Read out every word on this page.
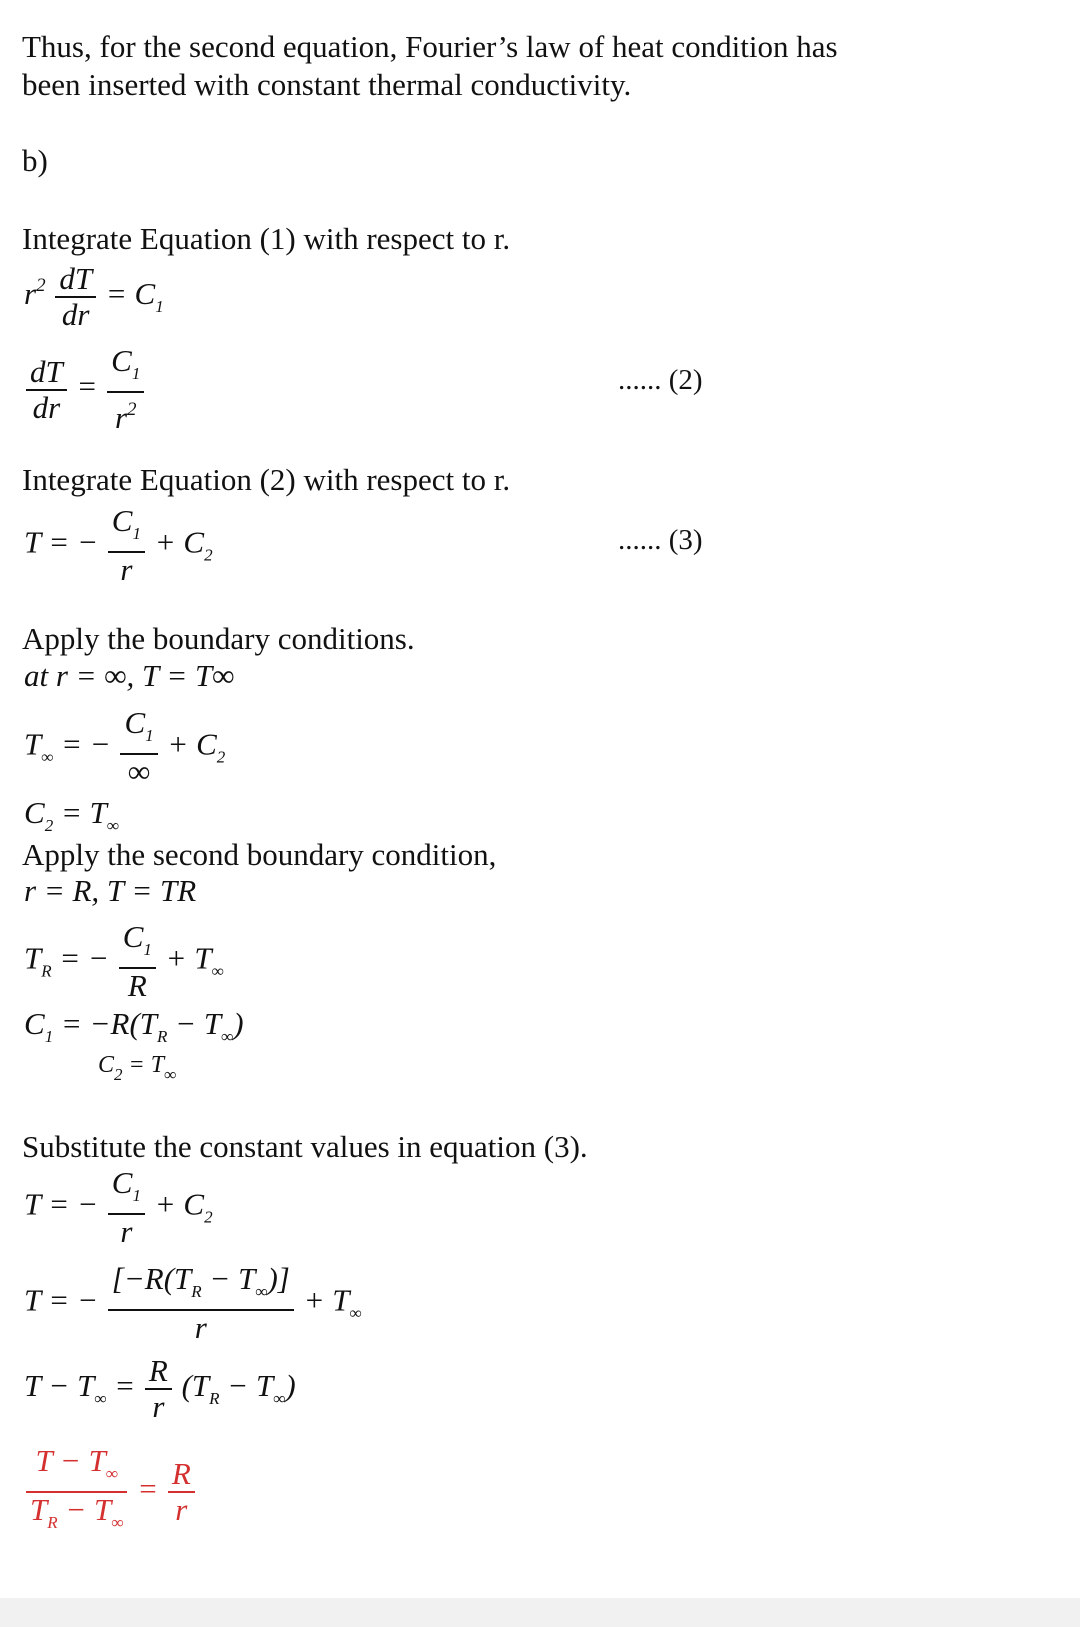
Thus, for the second equation, Fourier’s law of heat condition has
been inserted with constant thermal conductivity.
b)
Integrate Equation (1) with respect to r.
$r^2 \frac{dT}{dr} = C_1$
$\frac{dT}{dr} = \frac{C_1}{r^2}$	...... (2)
Integrate Equation (2) with respect to r.
T = − $\frac{C_1}{r} + C_2$	...... (3)
Apply the boundary conditions.
at r = ∞, T = T∞
$T_\infty$ = − $\frac{C_1}{\infty} + C_2$
$C_2 = T_\infty$
Apply the second boundary condition,
r = R, T = TR
$T_R$ = − $\frac{C_1}{R} + T_\infty$
$C_1 = -R(T_R - T_\infty)$
$C_2 = T_\infty$
Substitute the constant values in equation (3).
T = − $\frac{C_1}{r} + C_2$
T = − $\frac{[-R(T_R - T_\infty)]}{r} + T_\infty$
$T - T_\infty = \frac{R}{r} (T_R - T_\infty)$
$\frac{T - T_\infty}{T_R - T_\infty} = \frac{R}{r}$
